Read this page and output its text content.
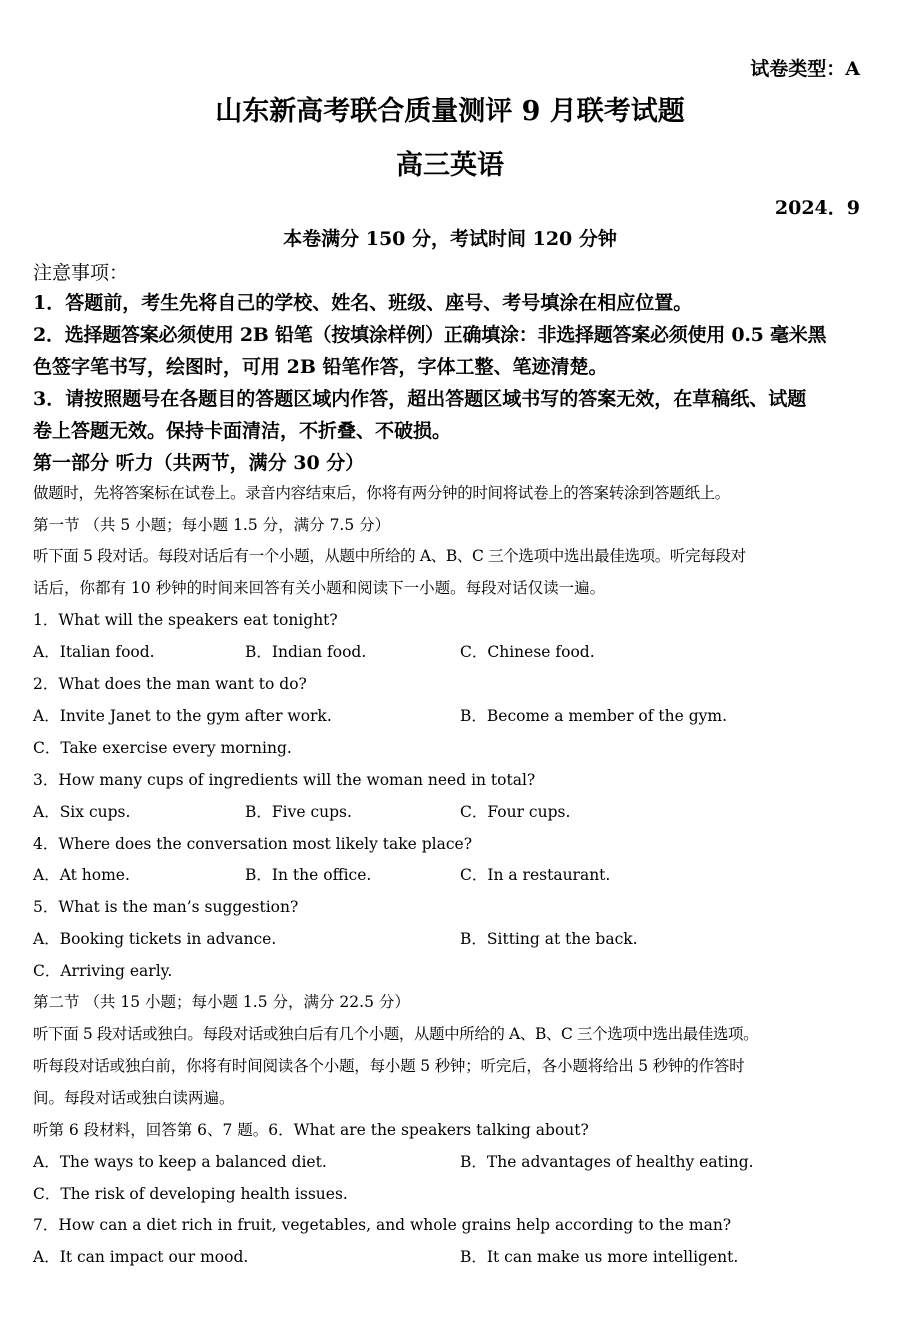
试卷类型：A
山东新高考联合质量测评 9 月联考试题
高三英语
2024．9
本卷满分 150 分，考试时间 120 分钟
注意事项：
1．答题前，考生先将自己的学校、姓名、班级、座号、考号填涂在相应位置。
2．选择题答案必须使用 2B 铅笔（按填涂样例）正确填涂：非选择题答案必须使用 0.5 毫米黑
色签字笔书写，绘图时，可用 2B 铅笔作答，字体工整、笔迹清楚。
3．请按照题号在各题目的答题区域内作答，超出答题区域书写的答案无效，在草稿纸、试题
卷上答题无效。保持卡面清洁，不折叠、不破损。
第一部分 听力（共两节，满分 30 分）
做题时，先将答案标在试卷上。录音内容结束后，你将有两分钟的时间将试卷上的答案转涂到答题纸上。
第一节 （共 5 小题；每小题 1.5 分，满分 7.5 分）
听下面 5 段对话。每段对话后有一个小题，从题中所给的 A、B、C 三个选项中选出最佳选项。听完每段对
话后，你都有 10 秒钟的时间来回答有关小题和阅读下一小题。每段对话仅读一遍。
1．What will the speakers eat tonight?
A．Italian food.	B．Indian food.	C．Chinese food.
2．What does the man want to do?
A．Invite Janet to the gym after work.	B．Become a member of the gym.
C．Take exercise every morning.
3．How many cups of ingredients will the woman need in total?
A．Six cups.	B．Five cups.	C．Four cups.
4．Where does the conversation most likely take place?
A．At home.	B．In the office.	C．In a restaurant.
5．What is the man’s suggestion?
A．Booking tickets in advance.	B．Sitting at the back.
C．Arriving early.
第二节 （共 15 小题；每小题 1.5 分，满分 22.5 分）
听下面 5 段对话或独白。每段对话或独白后有几个小题，从题中所给的 A、B、C 三个选项中选出最佳选项。
听每段对话或独白前，你将有时间阅读各个小题，每小题 5 秒钟；听完后，各小题将给出 5 秒钟的作答时
间。每段对话或独白读两遍。
听第 6 段材料，回答第 6、7 题。6．What are the speakers talking about?
A．The ways to keep a balanced diet.	B．The advantages of healthy eating.
C．The risk of developing health issues.
7．How can a diet rich in fruit, vegetables, and whole grains help according to the man?
A．It can impact our mood.	B．It can make us more intelligent.
